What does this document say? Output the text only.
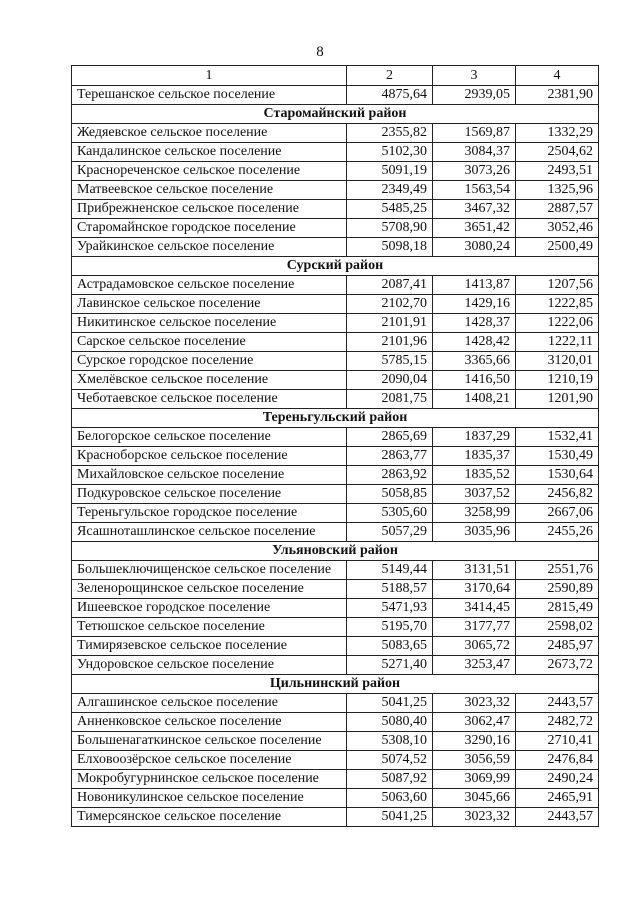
8
1	2	3	4
Терешанское сельское поселение	4875,64	2939,05	2381,90
Старомайнский район			
Жедяевское сельское поселение	2355,82	1569,87	1332,29
Кандалинское сельское поселение	5102,30	3084,37	2504,62
Краснореченское сельское поселение	5091,19	3073,26	2493,51
Матвеевское сельское поселение	2349,49	1563,54	1325,96
Прибрежненское сельское поселение	5485,25	3467,32	2887,57
Старомайнское городское поселение	5708,90	3651,42	3052,46
Урайкинское сельское поселение	5098,18	3080,24	2500,49
Сурский район			
Астрадамовское сельское поселение	2087,41	1413,87	1207,56
Лавинское сельское поселение	2102,70	1429,16	1222,85
Никитинское сельское поселение	2101,91	1428,37	1222,06
Сарское сельское поселение	2101,96	1428,42	1222,11
Сурское городское поселение	5785,15	3365,66	3120,01
Хмелёвское сельское поселение	2090,04	1416,50	1210,19
Чеботаевское сельское поселение	2081,75	1408,21	1201,90
Тереньгульский район			
Белогорское сельское поселение	2865,69	1837,29	1532,41
Красноборское сельское поселение	2863,77	1835,37	1530,49
Михайловское сельское поселение	2863,92	1835,52	1530,64
Подкуровское сельское поселение	5058,85	3037,52	2456,82
Тереньгульское городское поселение	5305,60	3258,99	2667,06
Ясашноташлинское сельское поселение	5057,29	3035,96	2455,26
Ульяновский район			
Большеключищенское сельское поселение	5149,44	3131,51	2551,76
Зеленорощинское сельское поселение	5188,57	3170,64	2590,89
Ишеевское городское поселение	5471,93	3414,45	2815,49
Тетюшское сельское поселение	5195,70	3177,77	2598,02
Тимирязевское сельское поселение	5083,65	3065,72	2485,97
Ундоровское сельское поселение	5271,40	3253,47	2673,72
Цильнинский район			
Алгашинское сельское поселение	5041,25	3023,32	2443,57
Анненковское сельское поселение	5080,40	3062,47	2482,72
Большенагаткинское сельское поселение	5308,10	3290,16	2710,41
Елховоозёрское сельское поселение	5074,52	3056,59	2476,84
Мокробугурнинское сельское поселение	5087,92	3069,99	2490,24
Новоникулинское сельское поселение	5063,60	3045,66	2465,91
Тимерсянское сельское поселение	5041,25	3023,32	2443,57
